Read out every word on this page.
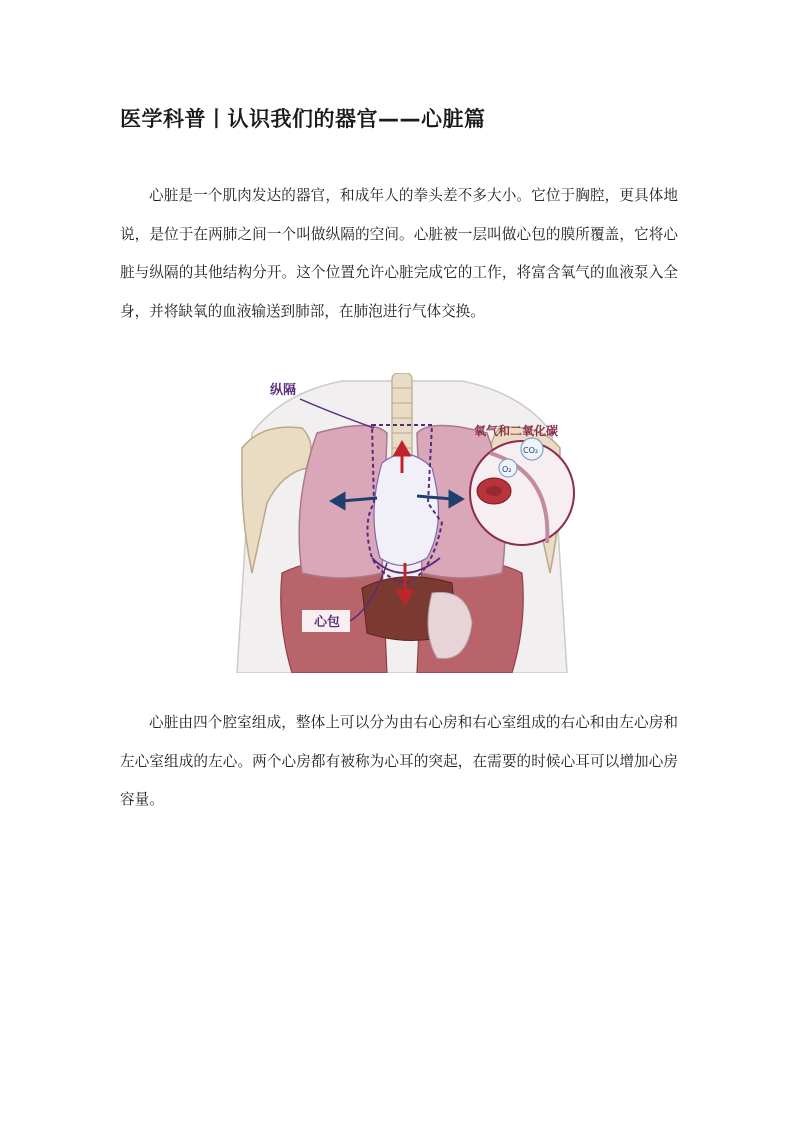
医学科普丨认识我们的器官——心脏篇

心脏是一个肌肉发达的器官，和成年人的拳头差不多大小。它位于胸腔，更具体地说，是位于在两肺之间一个叫做纵隔的空间。心脏被一层叫做心包的膜所覆盖，它将心脏与纵隔的其他结构分开。这个位置允许心脏完成它的工作，将富含氧气的血液泵入全身，并将缺氧的血液输送到肺部，在肺泡进行气体交换。

纵隔
心包
O₂
CO₂
氧气和二氧化碳

心脏由四个腔室组成，整体上可以分为由右心房和右心室组成的右心和由左心房和左心室组成的左心。两个心房都有被称为心耳的突起，在需要的时候心耳可以增加心房容量。
